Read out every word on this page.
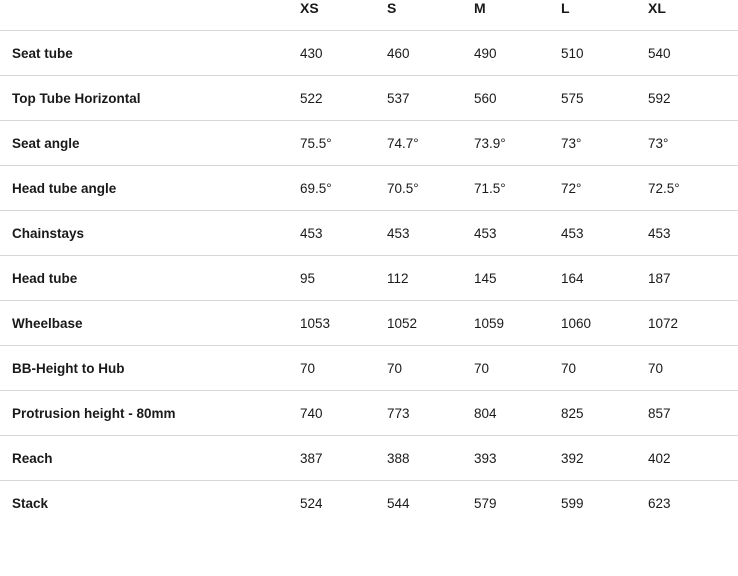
	XS	S	M	L	XL
Seat tube	430	460	490	510	540
Top Tube Horizontal	522	537	560	575	592
Seat angle	75.5°	74.7°	73.9°	73°	73°
Head tube angle	69.5°	70.5°	71.5°	72°	72.5°
Chainstays	453	453	453	453	453
Head tube	95	112	145	164	187
Wheelbase	1053	1052	1059	1060	1072
BB-Height to Hub	70	70	70	70	70
Protrusion height - 80mm	740	773	804	825	857
Reach	387	388	393	392	402
Stack	524	544	579	599	623
